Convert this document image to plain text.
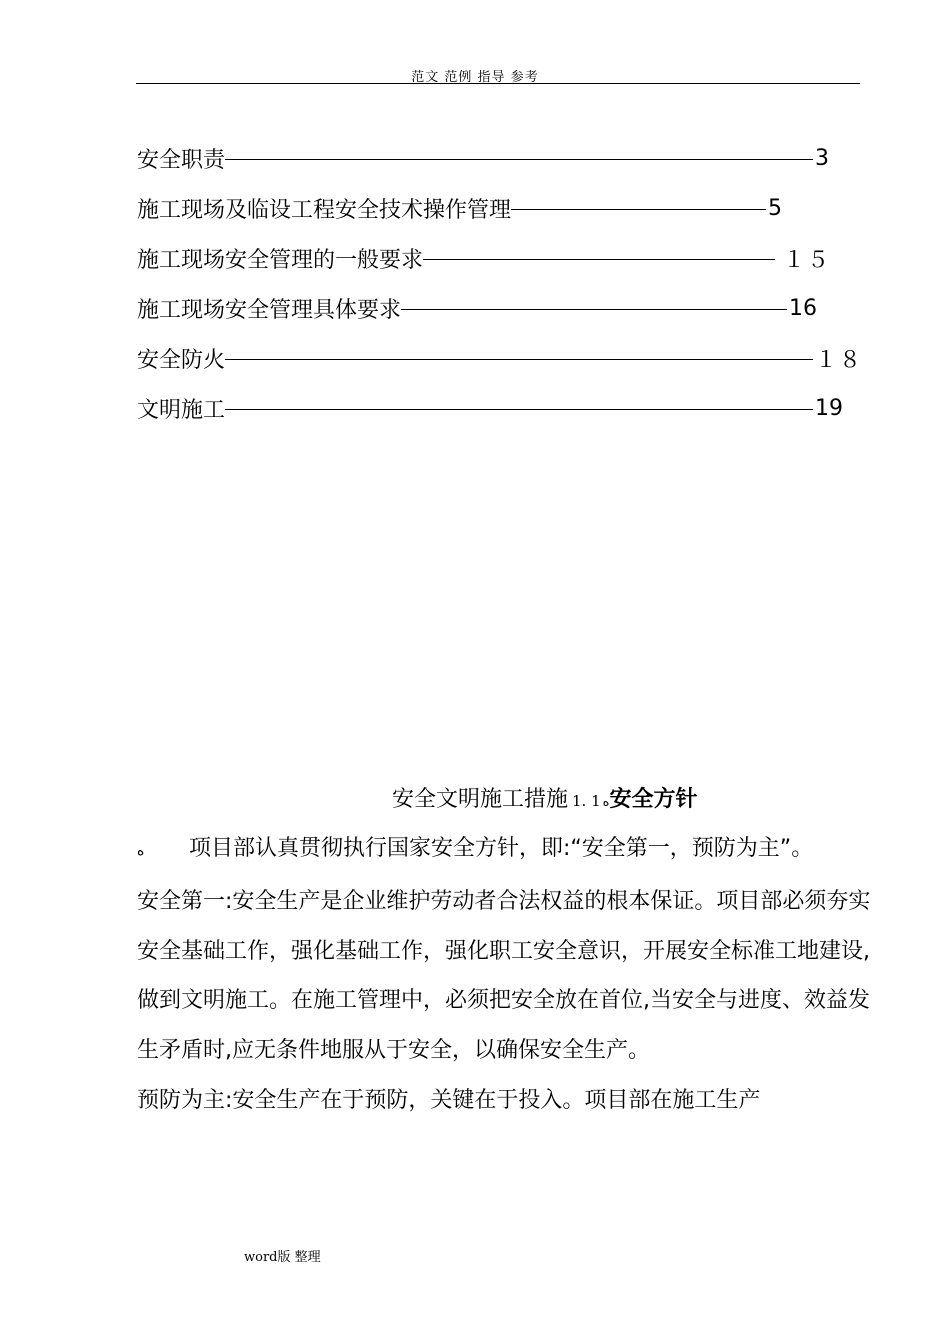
范文 范例 指导 参考
安全职责	3
施工现场及临设工程安全技术操作管理	5
施工现场安全管理的一般要求	１５
施工现场安全管理具体要求	16
安全防火	１８
文明施工	19
安全文明施工措施 1. 1 ه安全方针

ه 项目部认真贯彻执行国家安全方针，即:“安全第一，预防为主”。

安全第一:安全生产是企业维护劳动者合法权益的根本保证。项目部必须夯实安全基础工作，强化基础工作，强化职工安全意识，开展安全标准工地建设,做到文明施工。在施工管理中，必须把安全放在首位,当安全与进度、效益发生矛盾时,应无条件地服从于安全，以确保安全生产。

预防为主:安全生产在于预防，关键在于投入。项目部在施工生产

word版 整理
